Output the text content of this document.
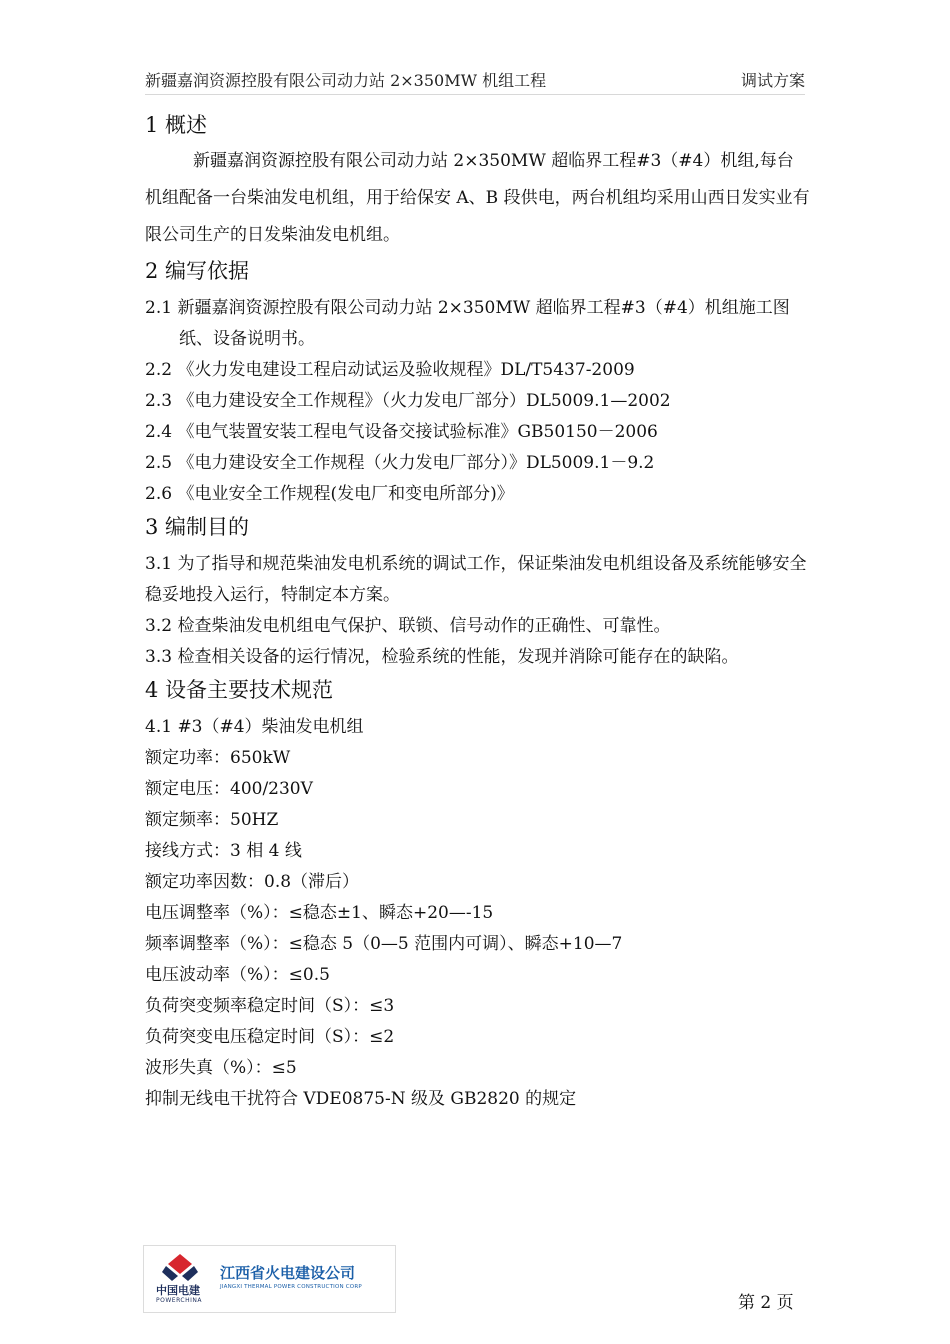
新疆嘉润资源控股有限公司动力站 2×350MW 机组工程	调试方案
1 概述

新疆嘉润资源控股有限公司动力站 2×350MW 超临界工程#3（#4）机组,每台机组配备一台柴油发电机组，用于给保安 A、B 段供电，两台机组均采用山西日发实业有限公司生产的日发柴油发电机组。

2 编写依据

2.1 新疆嘉润资源控股有限公司动力站 2×350MW 超临界工程#3（#4）机组施工图纸、设备说明书。

2.2 《火力发电建设工程启动试运及验收规程》DL/T5437-2009

2.3 《电力建设安全工作规程》（火力发电厂部分）DL5009.1—2002

2.4 《电气装置安装工程电气设备交接试验标准》GB50150－2006

2.5 《电力建设安全工作规程（火力发电厂部分）》DL5009.1－9.2

2.6 《电业安全工作规程(发电厂和变电所部分)》

3 编制目的

3.1 为了指导和规范柴油发电机系统的调试工作，保证柴油发电机组设备及系统能够安全稳妥地投入运行，特制定本方案。

3.2 检查柴油发电机组电气保护、联锁、信号动作的正确性、可靠性。

3.3 检查相关设备的运行情况，检验系统的性能，发现并消除可能存在的缺陷。

4 设备主要技术规范

4.1 #3（#4）柴油发电机组

额定功率：650kW

额定电压：400/230V

额定频率：50HZ

接线方式：3 相 4 线

额定功率因数：0.8（滞后）

电压调整率（%）：≤稳态±1、瞬态+20—-15

频率调整率（%）：≤稳态 5（0—5 范围内可调）、瞬态+10—7

电压波动率（%）：≤0.5

负荷突变频率稳定时间（S）：≤3

负荷突变电压稳定时间（S）：≤2

波形失真（%）：≤5

抑制无线电干扰符合 VDE0875-N 级及 GB2820 的规定

中国电建
POWERCHINA
江西省火电建设公司
JIANGXI THERMAL POWER CONSTRUCTION CORP
第 2 页
